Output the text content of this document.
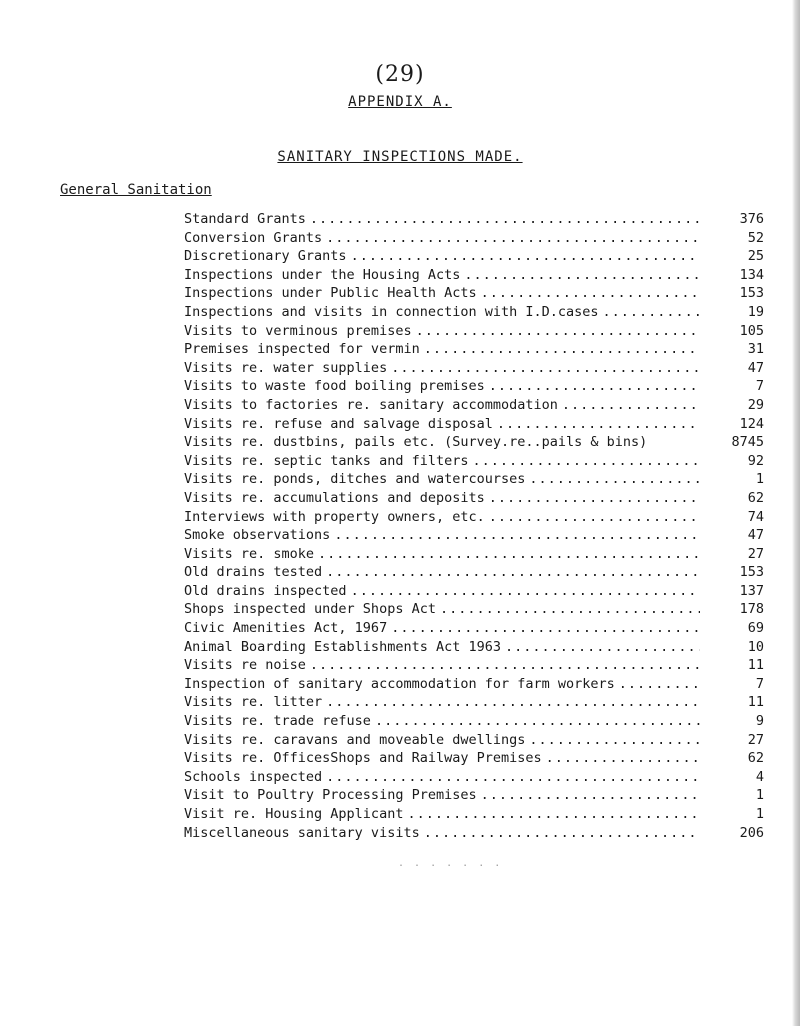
(29)
APPENDIX A.
SANITARY INSPECTIONS MADE.
General Sanitation
Standard Grants .....	376
Conversion Grants .....	52
Discretionary Grants .....	25
Inspections under the Housing Acts .....	134
Inspections under Public Health Acts .....	153
Inspections and visits in connection with I.D.cases .....	19
Visits to verminous premises .....	105
Premises inspected for vermin .....	31
Visits re. water supplies .....	47
Visits to waste food boiling premises .....	7
Visits to factories re. sanitary accommodation .....	29
Visits re. refuse and salvage disposal .....	124
Visits re. dustbins, pails etc. (Survey.re..pails & bins)	8745
Visits re. septic tanks and filters .....	92
Visits re. ponds, ditches and watercourses .....	1
Visits re. accumulations and deposits .....	62
Interviews with property owners, etc. .....	74
Smoke observations .....	47
Visits re. smoke .....	27
Old drains tested .....	153
Old drains inspected .....	137
Shops inspected under Shops Act .....	178
Civic Amenities Act, 1967 .....	69
Animal Boarding Establishments Act 1963 .....	10
Visits re noise .....	11
Inspection of sanitary accommodation for farm workers .....	7
Visits re. litter .....	11
Visits re. trade refuse .....	9
Visits re. caravans and moveable dwellings .....	27
Visits re. OfficesShops and Railway Premises .....	62
Schools inspected .....	4
Visit to Poultry Processing Premises .....	1
Visit re. Housing Applicant .....	1
Miscellaneous sanitary visits .....	206
. . . . . . .
